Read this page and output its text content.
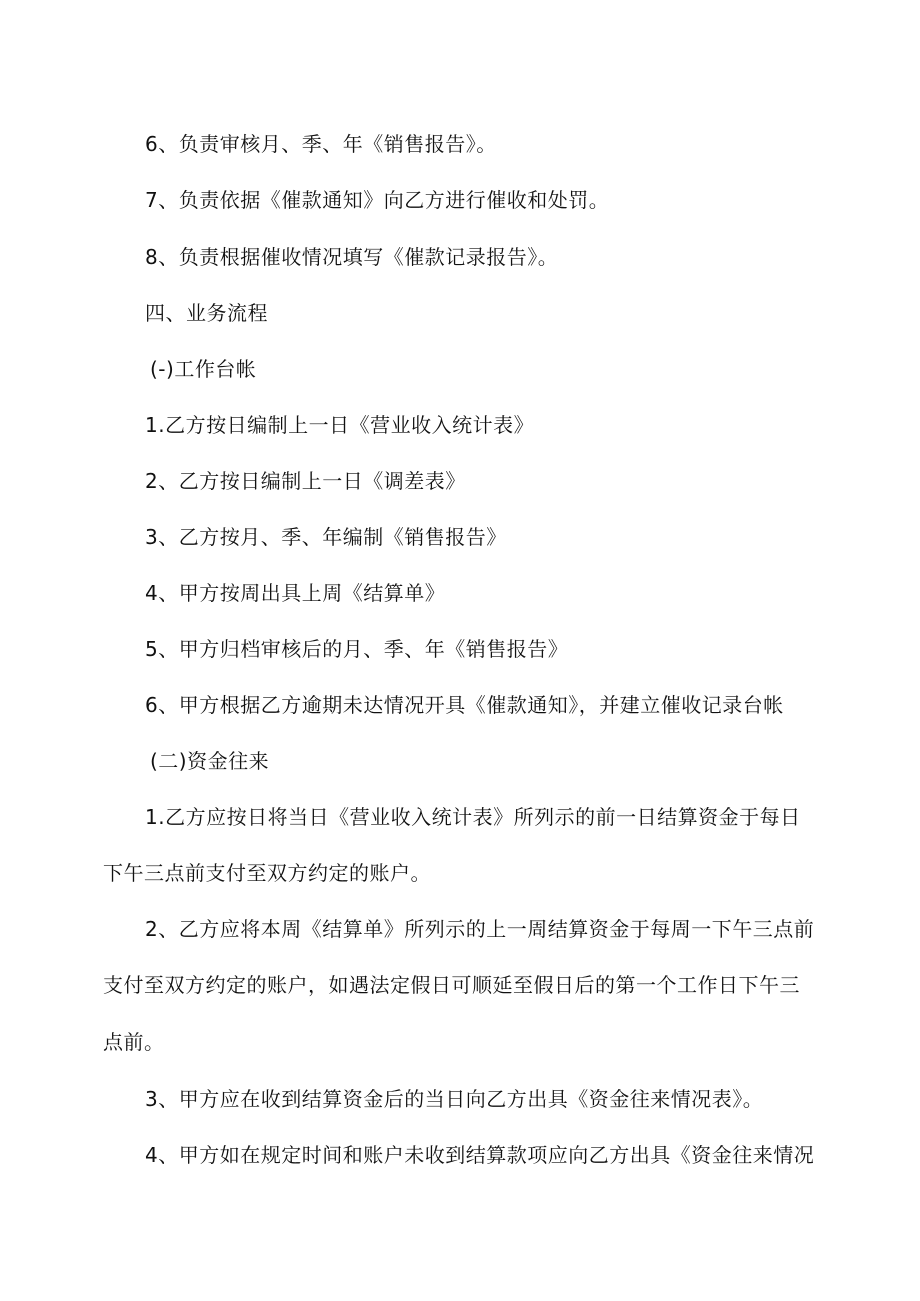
6、负责审核月、季、年《销售报告》。
7、负责依据《催款通知》向乙方进行催收和处罚。
8、负责根据催收情况填写《催款记录报告》。
四、业务流程
(-)工作台帐
1.乙方按日编制上一日《营业收入统计表》
2、乙方按日编制上一日《调差表》
3、乙方按月、季、年编制《销售报告》
4、甲方按周出具上周《结算单》
5、甲方归档审核后的月、季、年《销售报告》
6、甲方根据乙方逾期未达情况开具《催款通知》，并建立催收记录台帐
(二)资金往来
1.乙方应按日将当日《营业收入统计表》所列示的前一日结算资金于每日
下午三点前支付至双方约定的账户。
2、乙方应将本周《结算单》所列示的上一周结算资金于每周一下午三点前
支付至双方约定的账户，如遇法定假日可顺延至假日后的第一个工作日下午三
点前。
3、甲方应在收到结算资金后的当日向乙方出具《资金往来情况表》。
4、甲方如在规定时间和账户未收到结算款项应向乙方出具《资金往来情况
